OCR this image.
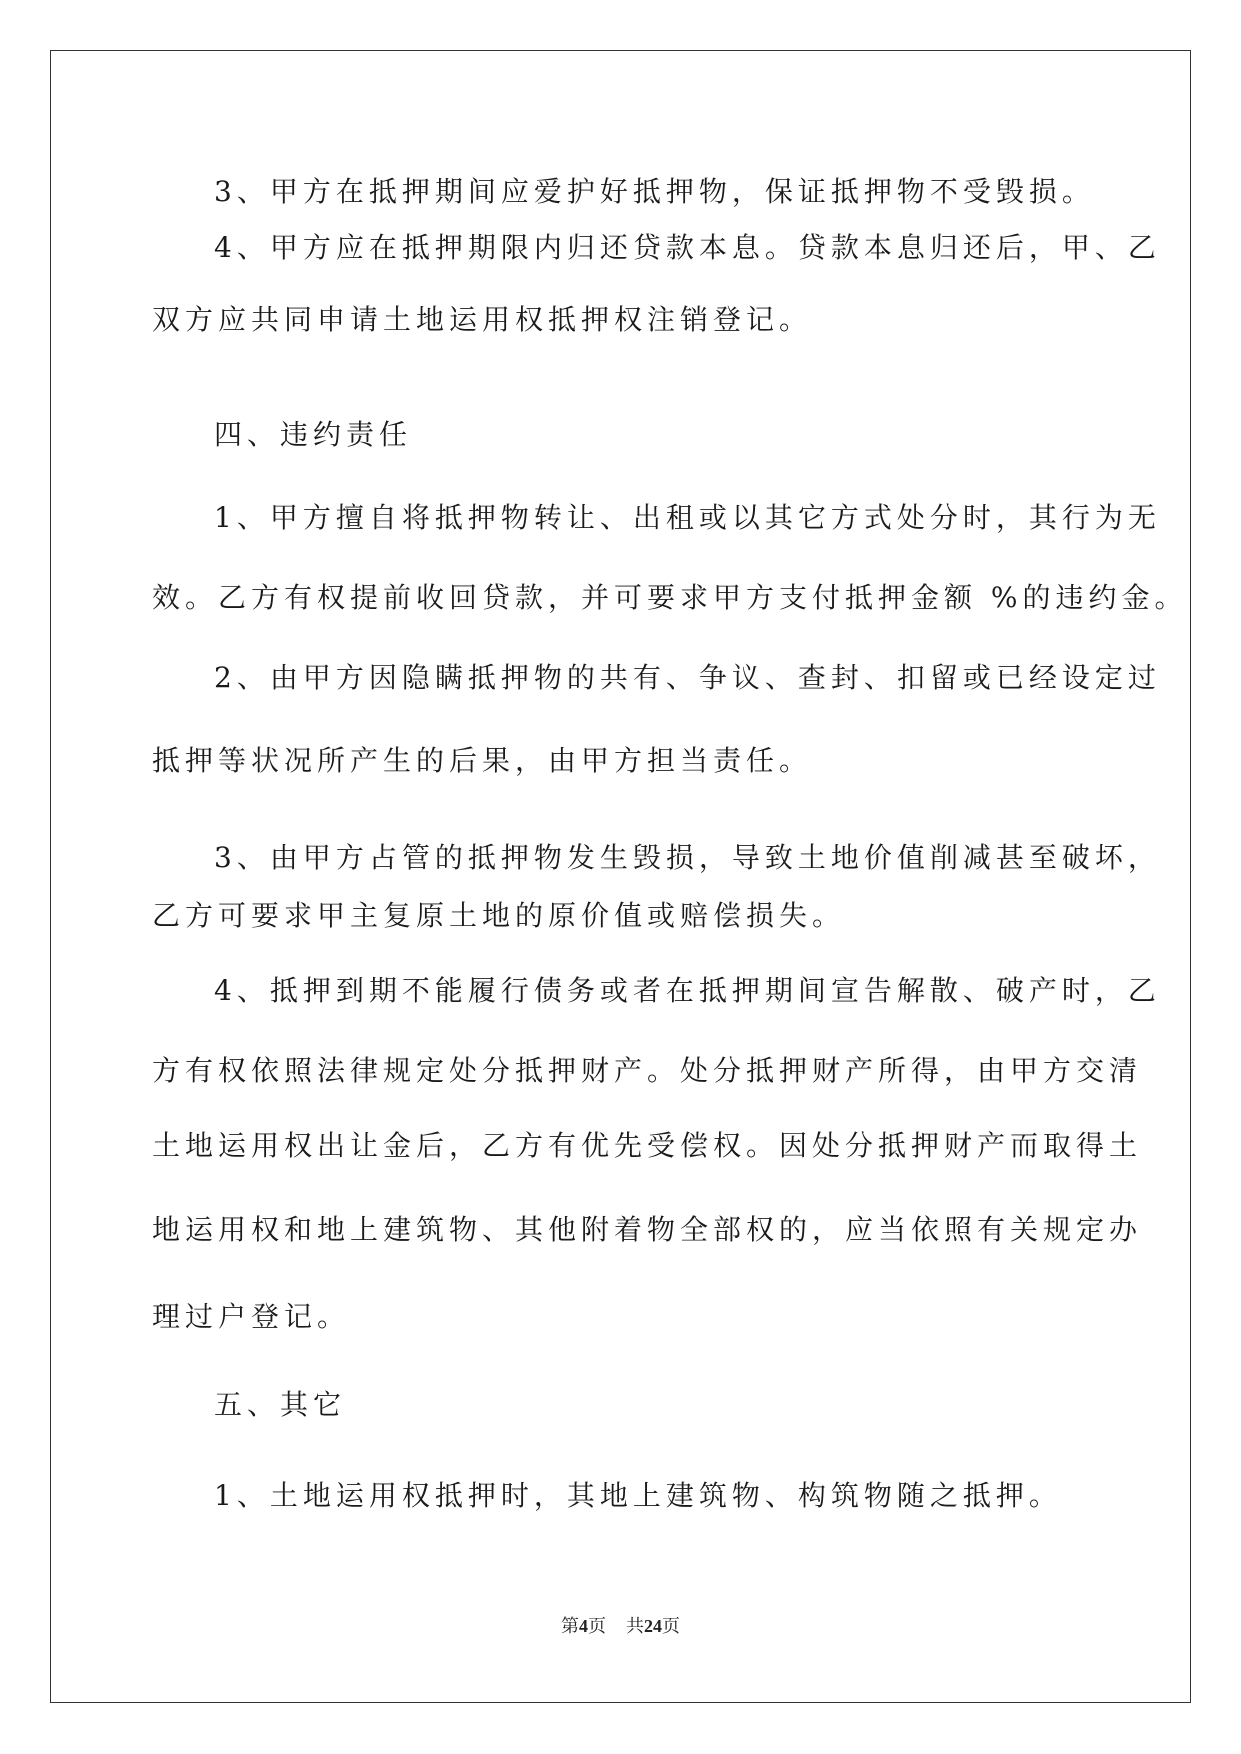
3、甲方在抵押期间应爱护好抵押物，保证抵押物不受毁损。
4、甲方应在抵押期限内归还贷款本息。贷款本息归还后，甲、乙
双方应共同申请土地运用权抵押权注销登记。
四、违约责任
1、甲方擅自将抵押物转让、出租或以其它方式处分时，其行为无
效。乙方有权提前收回贷款，并可要求甲方支付抵押金额 %的违约金。
2、由甲方因隐瞒抵押物的共有、争议、查封、扣留或已经设定过
抵押等状况所产生的后果，由甲方担当责任。
3、由甲方占管的抵押物发生毁损，导致土地价值削减甚至破坏，
乙方可要求甲主复原土地的原价值或赔偿损失。
4、抵押到期不能履行债务或者在抵押期间宣告解散、破产时，乙
方有权依照法律规定处分抵押财产。处分抵押财产所得，由甲方交清
土地运用权出让金后，乙方有优先受偿权。因处分抵押财产而取得土
地运用权和地上建筑物、其他附着物全部权的，应当依照有关规定办
理过户登记。
五、其它
1、土地运用权抵押时，其地上建筑物、构筑物随之抵押。
第4页 共24页
